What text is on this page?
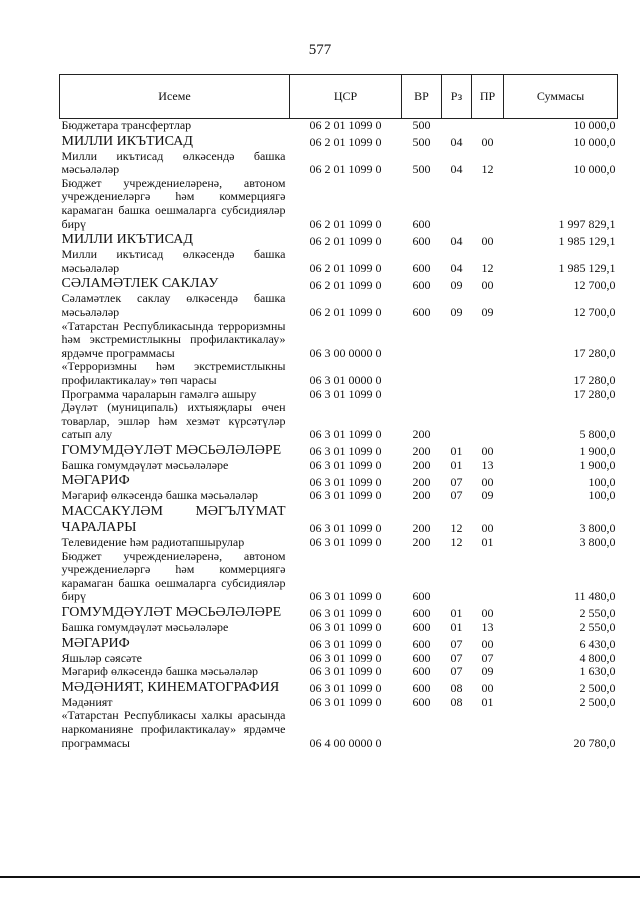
577
Исеме	ЦСР	ВР	Рз	ПР	Суммасы
Бюджетара трансфертлар	06 2 01 1099 0	500			10 000,0
МИЛЛИ ИКЪТИСАД	06 2 01 1099 0	500	04	00	10 000,0
Милли икътисад өлкәсендә башка мәсьәләләр	06 2 01 1099 0	500	04	12	10 000,0
Бюджет учреждениеләренә, автоном учреждениеләргә һәм коммерциягә карамаган башка оешмаларга субсидияләр бирү	06 2 01 1099 0	600			1 997 829,1
МИЛЛИ ИКЪТИСАД	06 2 01 1099 0	600	04	00	1 985 129,1
Милли икътисад өлкәсендә башка мәсьәләләр	06 2 01 1099 0	600	04	12	1 985 129,1
СӘЛАМӘТЛЕК САКЛАУ	06 2 01 1099 0	600	09	00	12 700,0
Сәламәтлек саклау өлкәсендә башка мәсьәләләр	06 2 01 1099 0	600	09	09	12 700,0
«Татарстан Республикасында терроризмны һәм экстремистлыкны профилактикалау» ярдәмче программасы	06 3 00 0000 0				17 280,0
«Терроризмны һәм экстремистлыкны профилактикалау» төп чарасы	06 3 01 0000 0				17 280,0
Программа чараларын гамәлгә ашыру	06 3 01 1099 0				17 280,0
Дәүләт (муниципаль) ихтыяҗлары өчен товарлар, эшләр һәм хезмәт күрсәтүләр сатып алу	06 3 01 1099 0	200			5 800,0
ГОМУМДӘҮЛӘТ МӘСЬӘЛӘЛӘРЕ	06 3 01 1099 0	200	01	00	1 900,0
Башка гомумдәүләт мәсьәләләре	06 3 01 1099 0	200	01	13	1 900,0
МӘГАРИФ	06 3 01 1099 0	200	07	00	100,0
Мәгариф өлкәсендә башка мәсьәләләр	06 3 01 1099 0	200	07	09	100,0
МАССАКҮЛӘМ МӘГЪЛҮМАТ ЧАРАЛАРЫ	06 3 01 1099 0	200	12	00	3 800,0
Телевидение һәм радиотапшырулар	06 3 01 1099 0	200	12	01	3 800,0
Бюджет учреждениеләренә, автоном учреждениеләргә һәм коммерциягә карамаган башка оешмаларга субсидияләр бирү	06 3 01 1099 0	600			11 480,0
ГОМУМДӘҮЛӘТ МӘСЬӘЛӘЛӘРЕ	06 3 01 1099 0	600	01	00	2 550,0
Башка гомумдәүләт мәсьәләләре	06 3 01 1099 0	600	01	13	2 550,0
МӘГАРИФ	06 3 01 1099 0	600	07	00	6 430,0
Яшьләр сәясәте	06 3 01 1099 0	600	07	07	4 800,0
Мәгариф өлкәсендә башка мәсьәләләр	06 3 01 1099 0	600	07	09	1 630,0
МӘДӘНИЯТ, КИНЕМАТОГРАФИЯ	06 3 01 1099 0	600	08	00	2 500,0
Мәдәният	06 3 01 1099 0	600	08	01	2 500,0
«Татарстан Республикасы халкы арасында наркоманияне профилактикалау» ярдәмче программасы	06 4 00 0000 0				20 780,0
